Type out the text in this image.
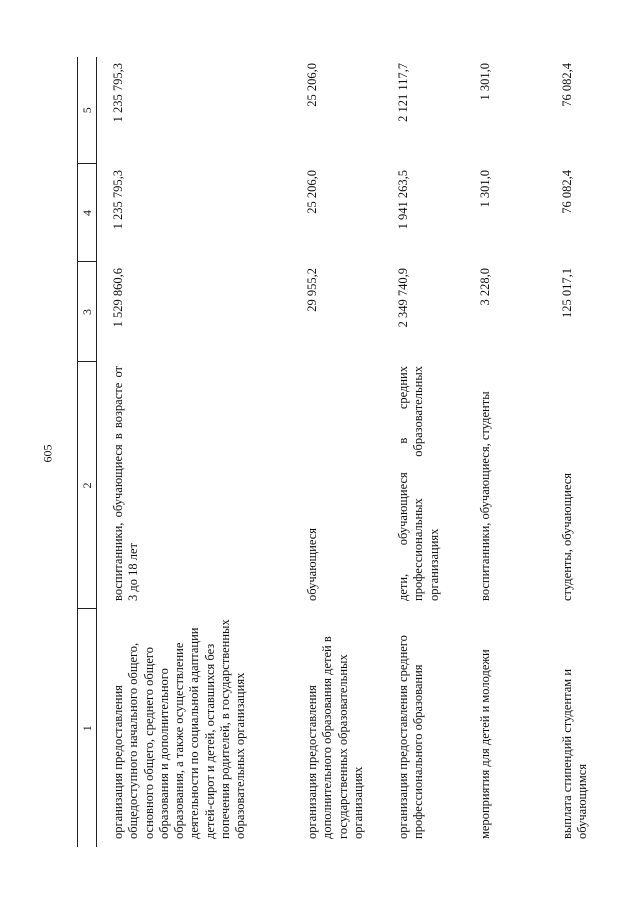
605
1	2	3	4	5
организация предоставления общедоступного начального общего, основного общего, среднего общего образования и дополнительного образования, а также осуществление деятельности по социальной адаптации детей-сирот и детей, оставшихся без попечения родителей, в государственных образовательных организациях	воспитанники, обучающиеся в возрасте от 3 до 18 лет	1 529 860,6	1 235 795,3	1 235 795,3
организация предоставления дополнительного образования детей в государственных образовательных организациях	обучающиеся	29 955,2	25 206,0	25 206,0
организация предоставления среднего профессионального образования	дети, обучающиеся в средних профессиональных образовательных организациях	2 349 740,9	1 941 263,5	2 121 117,7
мероприятия для детей и молодежи	воспитанники, обучающиеся, студенты	3 228,0	1 301,0	1 301,0
выплата стипендий студентам и обучающимся	студенты, обучающиеся	125 017,1	76 082,4	76 082,4
